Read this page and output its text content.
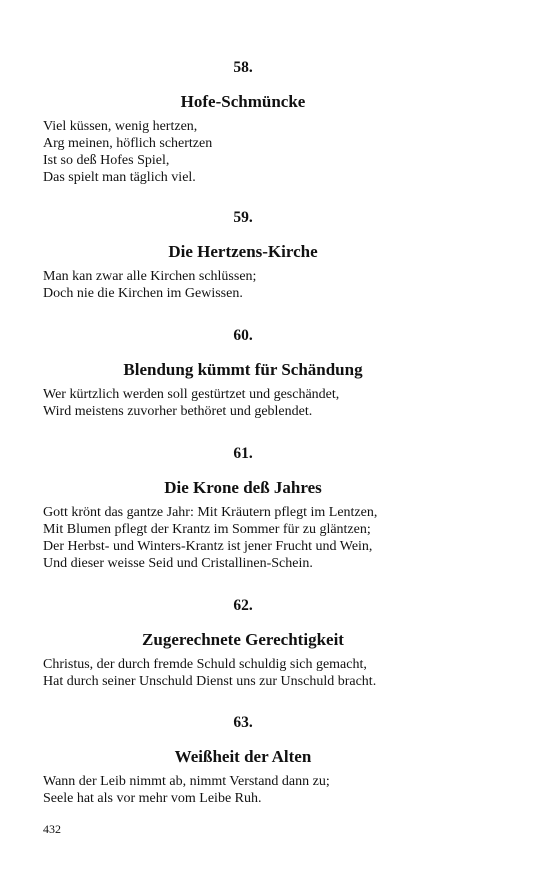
58.
Hofe-Schmüncke
Viel küssen, wenig hertzen,
Arg meinen, höflich schertzen
Ist so deß Hofes Spiel,
Das spielt man täglich viel.
59.
Die Hertzens-Kirche
Man kan zwar alle Kirchen schlüssen;
Doch nie die Kirchen im Gewissen.
60.
Blendung kümmt für Schändung
Wer kürtzlich werden soll gestürtzet und geschändet,
Wird meistens zuvorher bethöret und geblendet.
61.
Die Krone deß Jahres
Gott krönt das gantze Jahr: Mit Kräutern pflegt im Lentzen,
Mit Blumen pflegt der Krantz im Sommer für zu gläntzen;
Der Herbst- und Winters-Krantz ist jener Frucht und Wein,
Und dieser weisse Seid und Cristallinen-Schein.
62.
Zugerechnete Gerechtigkeit
Christus, der durch fremde Schuld schuldig sich gemacht,
Hat durch seiner Unschuld Dienst uns zur Unschuld bracht.
63.
Weißheit der Alten
Wann der Leib nimmt ab, nimmt Verstand dann zu;
Seele hat als vor mehr vom Leibe Ruh.
432
